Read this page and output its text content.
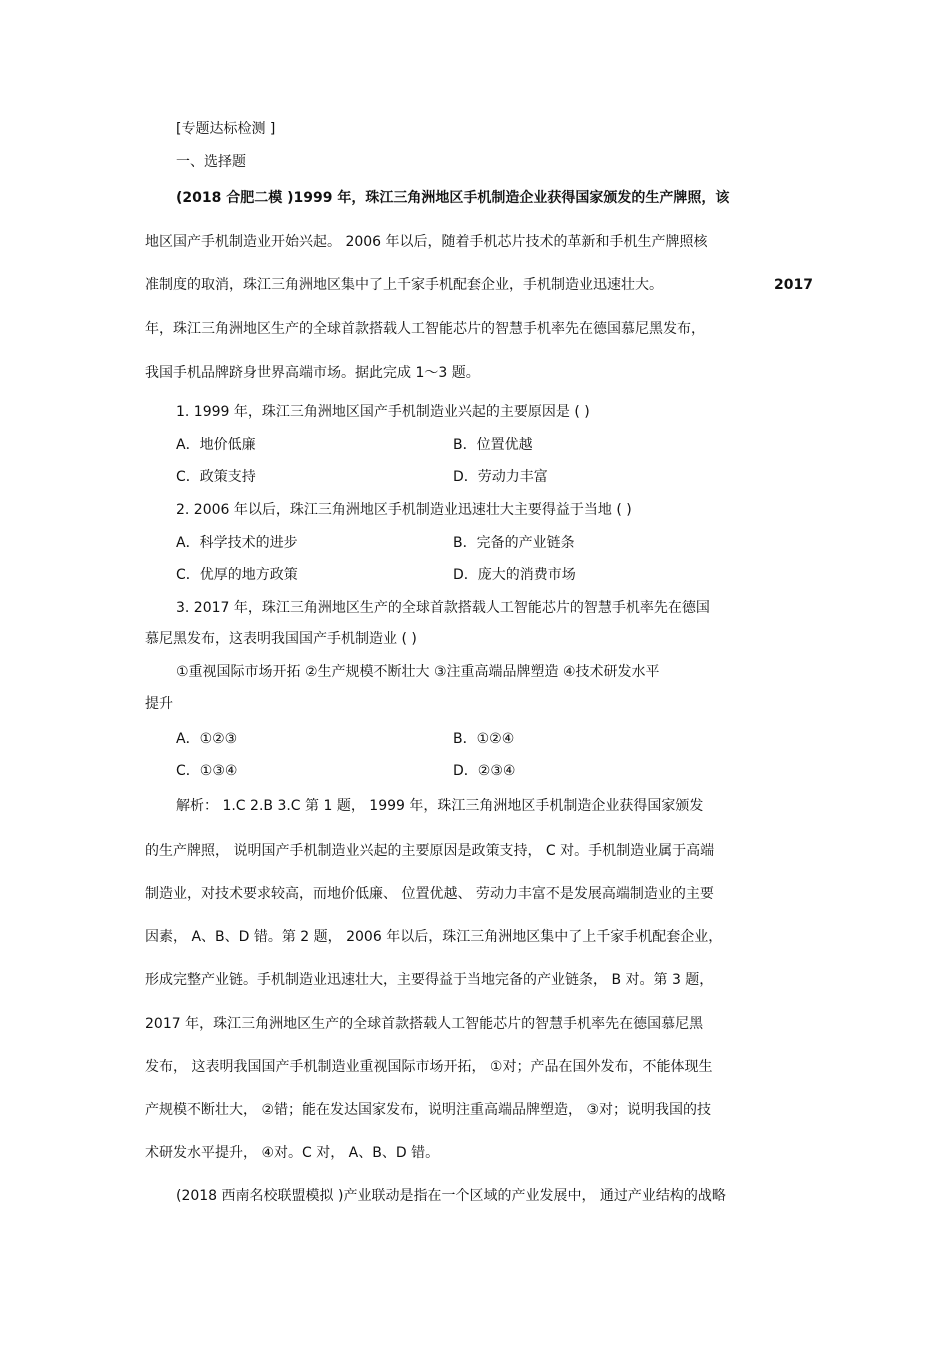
[专题达标检测 ]
一、选择题
(2018 合肥二模 )1999 年，珠江三角洲地区手机制造企业获得国家颁发的生产牌照，该
地区国产手机制造业开始兴起。 2006 年以后，随着手机芯片技术的革新和手机生产牌照核
准制度的取消，珠江三角洲地区集中了上千家手机配套企业，手机制造业迅速壮大。	2017
年，珠江三角洲地区生产的全球首款搭载人工智能芯片的智慧手机率先在德国慕尼黑发布，
我国手机品牌跻身世界高端市场。据此完成 1～3 题。
1. 1999 年，珠江三角洲地区国产手机制造业兴起的主要原因是 ( )
A．地价低廉	B．位置优越
C．政策支持	D．劳动力丰富
2. 2006 年以后，珠江三角洲地区手机制造业迅速壮大主要得益于当地 ( )
A．科学技术的进步	B．完备的产业链条
C．优厚的地方政策	D．庞大的消费市场
3. 2017 年，珠江三角洲地区生产的全球首款搭载人工智能芯片的智慧手机率先在德国
慕尼黑发布，这表明我国国产手机制造业 ( )
①重视国际市场开拓 ②生产规模不断壮大 ③注重高端品牌塑造 ④技术研发水平
提升
A．①②③	B．①②④
C．①③④	D．②③④
解析： 1.C 2.B 3.C 第 1 题， 1999 年，珠江三角洲地区手机制造企业获得国家颁发
的生产牌照， 说明国产手机制造业兴起的主要原因是政策支持， C 对。手机制造业属于高端
制造业，对技术要求较高，而地价低廉、 位置优越、 劳动力丰富不是发展高端制造业的主要
因素， A、B、D 错。第 2 题， 2006 年以后，珠江三角洲地区集中了上千家手机配套企业，
形成完整产业链。手机制造业迅速壮大，主要得益于当地完备的产业链条， B 对。第 3 题，
2017 年，珠江三角洲地区生产的全球首款搭载人工智能芯片的智慧手机率先在德国慕尼黑
发布， 这表明我国国产手机制造业重视国际市场开拓， ①对；产品在国外发布，不能体现生
产规模不断壮大， ②错；能在发达国家发布，说明注重高端品牌塑造， ③对；说明我国的技
术研发水平提升， ④对。C 对， A、B、D 错。
(2018 西南名校联盟模拟 )产业联动是指在一个区域的产业发展中， 通过产业结构的战略
